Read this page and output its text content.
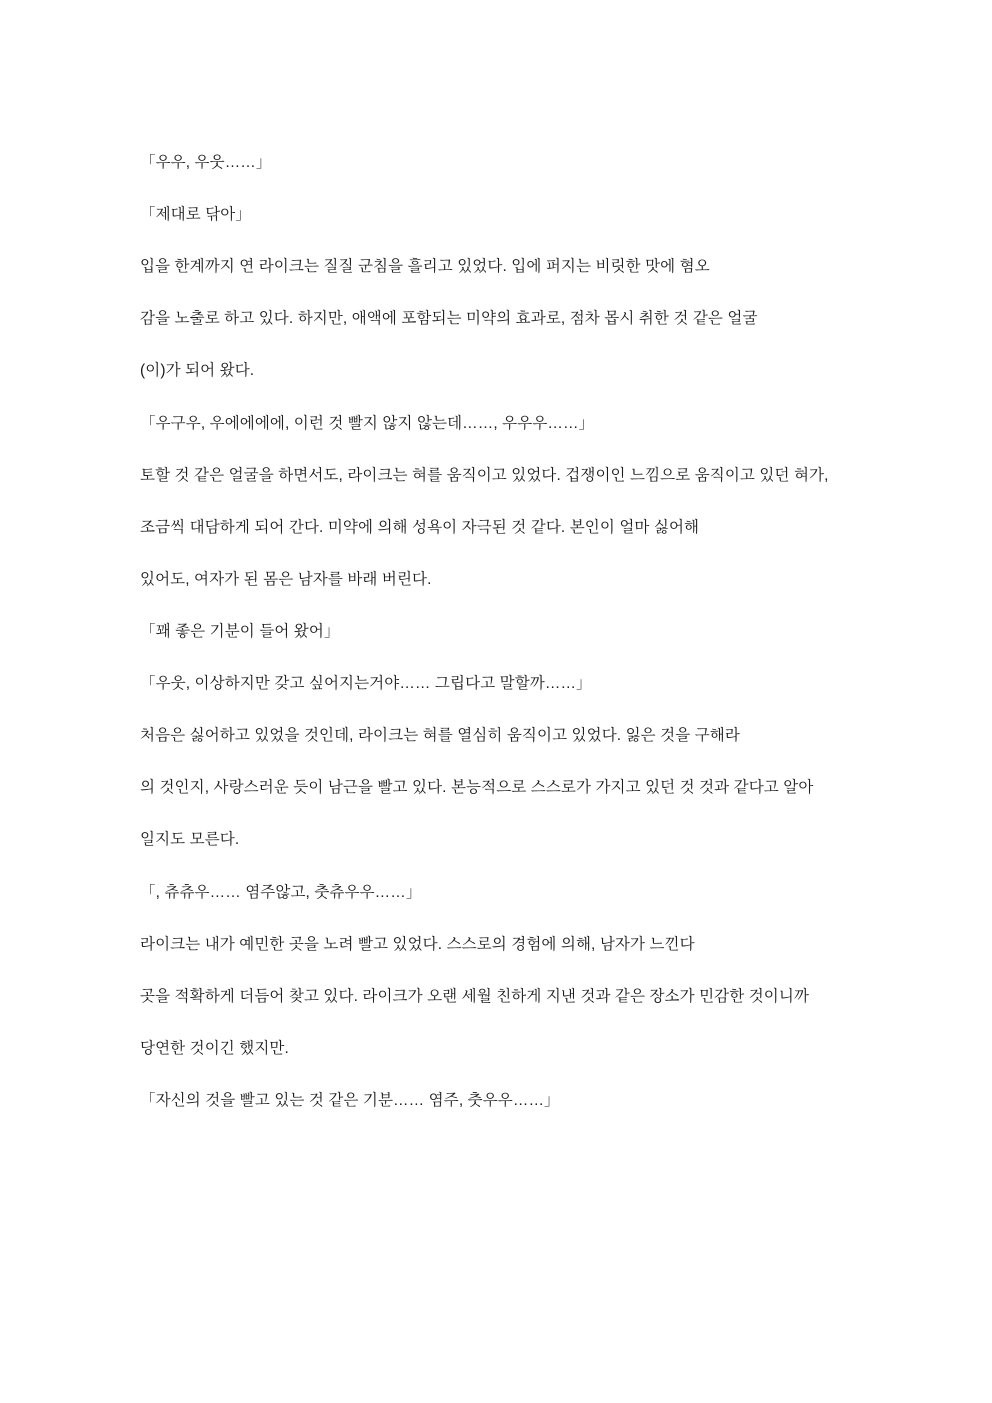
「우우, 우웃……」

「제대로 닦아」

입을 한계까지 연 라이크는 질질 군침을 흘리고 있었다. 입에 퍼지는 비릿한 맛에 혐오

감을 노출로 하고 있다. 하지만, 애액에 포함되는 미약의 효과로, 점차 몹시 취한 것 같은 얼굴

(이)가 되어 왔다.

「우구우, 우에에에에, 이런 것 빨지 않지 않는데……, 우우우……」

토할 것 같은 얼굴을 하면서도, 라이크는 혀를 움직이고 있었다. 겁쟁이인 느낌으로 움직이고 있던 혀가,

조금씩 대담하게 되어 간다. 미약에 의해 성욕이 자극된 것 같다. 본인이 얼마 싫어해

있어도, 여자가 된 몸은 남자를 바래 버린다.

「꽤 좋은 기분이 들어 왔어」

「우웃, 이상하지만 갖고 싶어지는거야…… 그립다고 말할까……」

처음은 싫어하고 있었을 것인데, 라이크는 혀를 열심히 움직이고 있었다. 잃은 것을 구해라

의 것인지, 사랑스러운 듯이 남근을 빨고 있다. 본능적으로 스스로가 가지고 있던 것 것과 같다고 알아

일지도 모른다.

「, 츄츄우…… 염주않고, 춧츄우우……」

라이크는 내가 예민한 곳을 노려 빨고 있었다. 스스로의 경험에 의해, 남자가 느낀다

곳을 적확하게 더듬어 찾고 있다. 라이크가 오랜 세월 친하게 지낸 것과 같은 장소가 민감한 것이니까

당연한 것이긴 했지만.

「자신의 것을 빨고 있는 것 같은 기분…… 염주, 춧우우……」
